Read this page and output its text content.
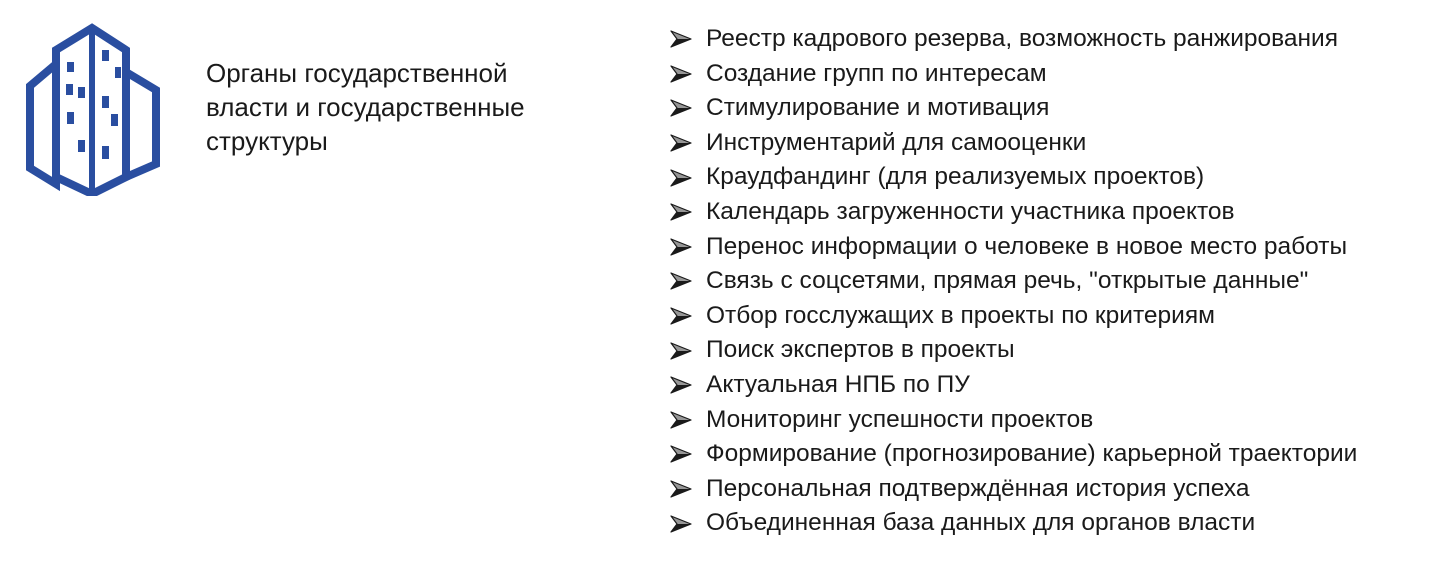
Органы государственной власти и государственные структуры
Реестр кадрового резерва, возможность ранжирования
Создание групп по интересам
Стимулирование и мотивация
Инструментарий для самооценки
Краудфандинг (для реализуемых проектов)
Календарь загруженности участника проектов
Перенос информации о человеке в новое место работы
Связь с соцсетями, прямая речь, "открытые данные"
Отбор госслужащих в проекты по критериям
Поиск экспертов в проекты
Актуальная НПБ по ПУ
Мониторинг успешности проектов
Формирование (прогнозирование) карьерной траектории
Персональная подтверждённая история успеха
Объединенная база данных для органов власти
